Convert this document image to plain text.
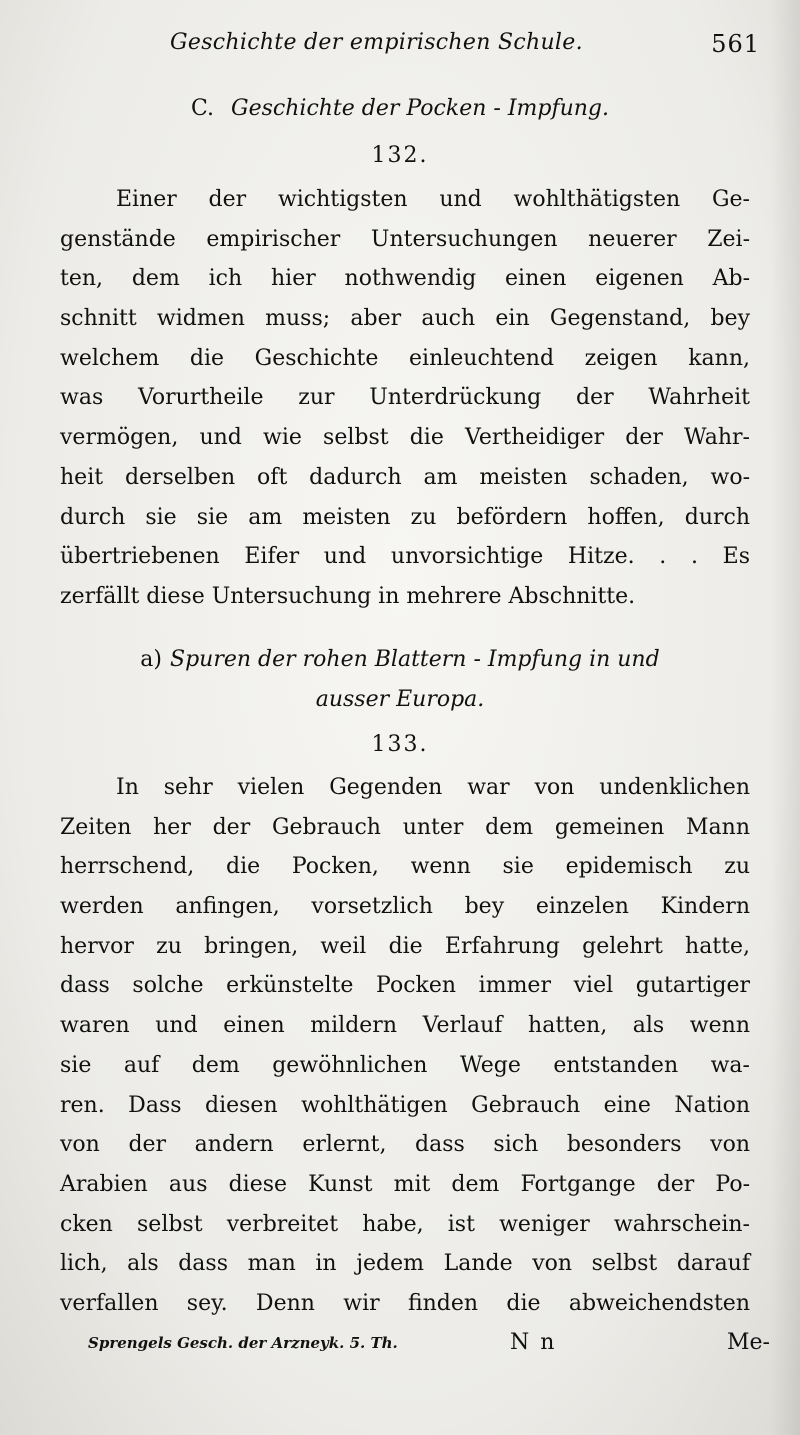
Geschichte der empirischen Schule.	561
C. Geschichte der Pocken - Impfung.
132.
Einer der wichtigsten und wohlthätigsten Ge-
genstände empirischer Untersuchungen neuerer Zei-
ten, dem ich hier nothwendig einen eigenen Ab-
schnitt widmen muss; aber auch ein Gegenstand, bey
welchem die Geschichte einleuchtend zeigen kann,
was Vorurtheile zur Unterdrückung der Wahrheit
vermögen, und wie selbst die Vertheidiger der Wahr-
heit derselben oft dadurch am meisten schaden, wo-
durch sie sie am meisten zu befördern hoffen, durch
übertriebenen Eifer und unvorsichtige Hitze. . . Es
zerfällt diese Untersuchung in mehrere Abschnitte.
a) Spuren der rohen Blattern - Impfung in und
ausser Europa.
133.
In sehr vielen Gegenden war von undenklichen
Zeiten her der Gebrauch unter dem gemeinen Mann
herrschend, die Pocken, wenn sie epidemisch zu
werden anfingen, vorsetzlich bey einzelen Kindern
hervor zu bringen, weil die Erfahrung gelehrt hatte,
dass solche erkünstelte Pocken immer viel gutartiger
waren und einen mildern Verlauf hatten, als wenn
sie auf dem gewöhnlichen Wege entstanden wa-
ren. Dass diesen wohlthätigen Gebrauch eine Nation
von der andern erlernt, dass sich besonders von
Arabien aus diese Kunst mit dem Fortgange der Po-
cken selbst verbreitet habe, ist weniger wahrschein-
lich, als dass man in jedem Lande von selbst darauf
verfallen sey. Denn wir finden die abweichendsten
Sprengels Gesch. der Arzneyk. 5. Th.	N n	Me-
